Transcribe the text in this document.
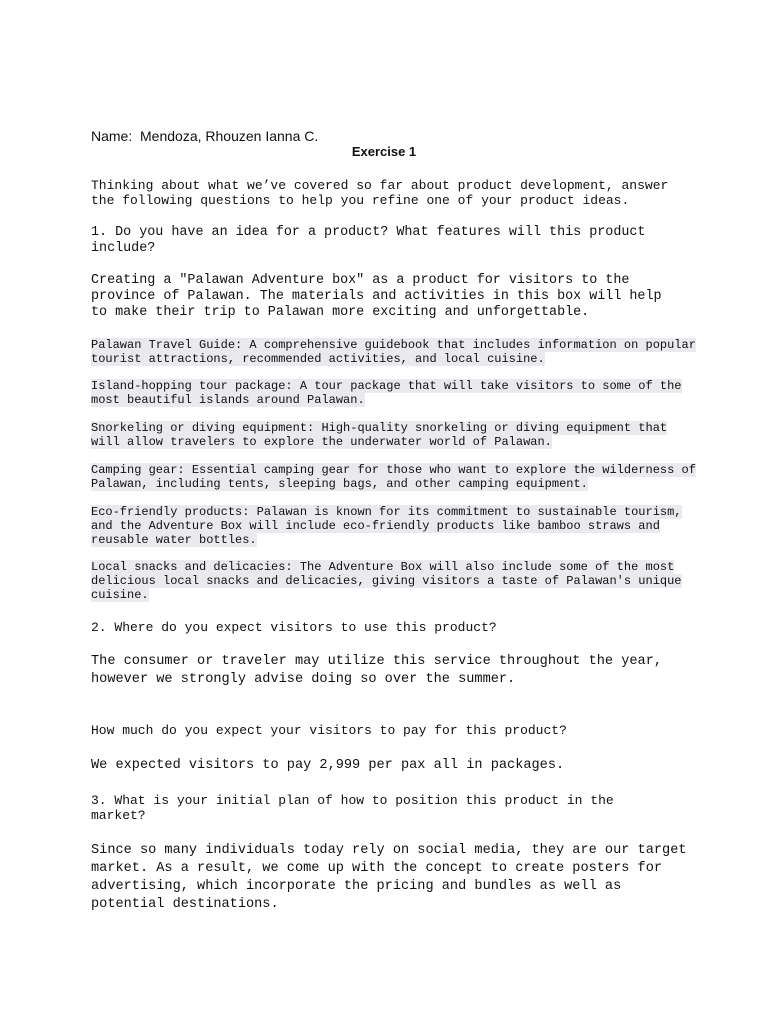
Name: Mendoza, Rhouzen Ianna C.
Exercise 1
Thinking about what we’ve covered so far about product development, answer the following questions to help you refine one of your product ideas.
1. Do you have an idea for a product? What features will this product include?
Creating a "Palawan Adventure box" as a product for visitors to the province of Palawan. The materials and activities in this box will help to make their trip to Palawan more exciting and unforgettable.
Palawan Travel Guide: A comprehensive guidebook that includes information on popular tourist attractions, recommended activities, and local cuisine.
Island-hopping tour package: A tour package that will take visitors to some of the most beautiful islands around Palawan.
Snorkeling or diving equipment: High-quality snorkeling or diving equipment that will allow travelers to explore the underwater world of Palawan.
Camping gear: Essential camping gear for those who want to explore the wilderness of Palawan, including tents, sleeping bags, and other camping equipment.
Eco-friendly products: Palawan is known for its commitment to sustainable tourism, and the Adventure Box will include eco-friendly products like bamboo straws and reusable water bottles.
Local snacks and delicacies: The Adventure Box will also include some of the most delicious local snacks and delicacies, giving visitors a taste of Palawan's unique cuisine.
2. Where do you expect visitors to use this product?
The consumer or traveler may utilize this service throughout the year, however we strongly advise doing so over the summer.
How much do you expect your visitors to pay for this product?
We expected visitors to pay 2,999 per pax all in packages.
3. What is your initial plan of how to position this product in the market?
Since so many individuals today rely on social media, they are our target market. As a result, we come up with the concept to create posters for advertising, which incorporate the pricing and bundles as well as potential destinations.
